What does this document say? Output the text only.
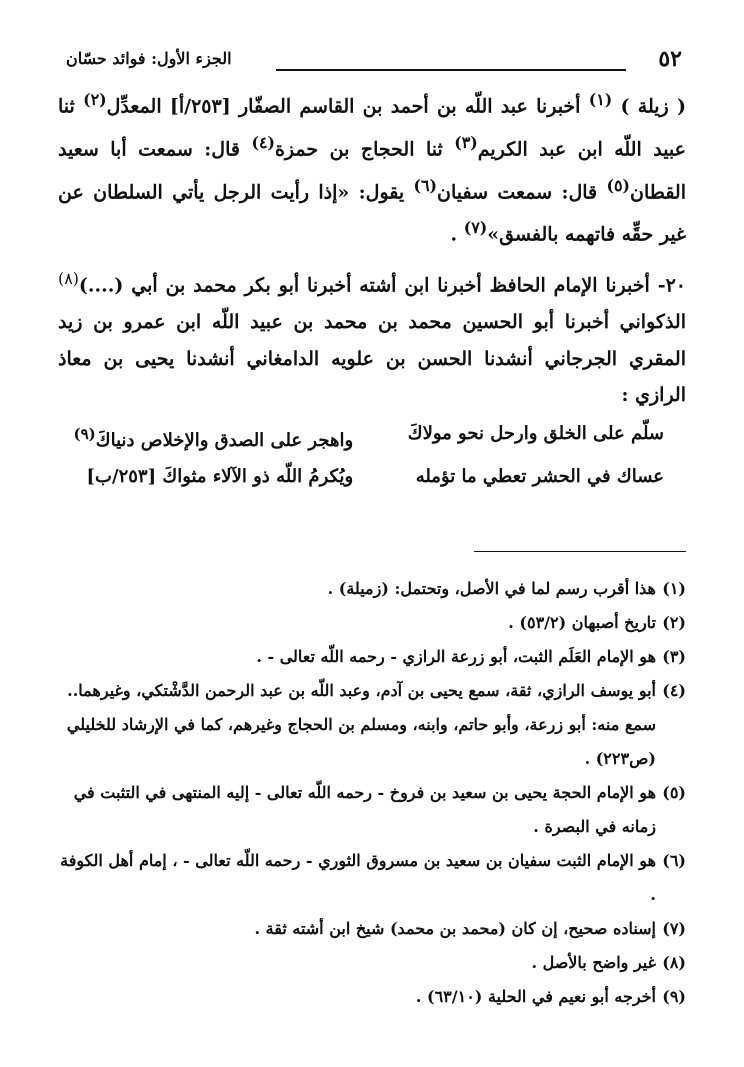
٥٢
الجزء الأول: فوائد حسّان

( زيلة ) $^{(١)}$ أخبرنا عبد اللّه بن أحمد بن القاسم الصفّار [٢٥٣/أ] المعدِّل$^{(٢)}$ ثنا عبيد اللّه ابن عبد الكريم$^{(٣)}$ ثنا الحجاج بن حمزة$^{(٤)}$ قال: سمعت أبا سعيد القطان$^{(٥)}$ قال: سمعت سفيان$^{(٦)}$ يقول: «إذا رأيت الرجل يأتي السلطان عن غير حقِّه فاتهمه بالفسق»$^{(٧)}$ .

٢٠- أخبرنا الإمام الحافظ أخبرنا ابن أشته أخبرنا أبو بكر محمد بن أبي (....)$^{(٨)}$ الذكواني أخبرنا أبو الحسين محمد بن محمد بن عبيد اللّه ابن عمرو بن زيد المقري الجرجاني أنشدنا الحسن بن علويه الدامغاني أنشدنا يحيى بن معاذ الرازي :

سلّم على الخلق وارحل نحو مولاكَ
واهجر على الصدق والإخلاص دنياكَ$^{(٩)}$
عساك في الحشر تعطي ما تؤمله
ويُكرمُ اللّه ذو الآلاء مثواكَ [٢٥٣/ب]
(١)
هذا أقرب رسم لما في الأصل، وتحتمل: (زميلة) .
(٢)
تاريخ أصبهان (٥٣/٢) .
(٣)
هو الإمام العَلَم الثبت، أبو زرعة الرازي - رحمه اللّه تعالى - .
(٤)
أبو يوسف الرازي، ثقة، سمع يحيى بن آدم، وعبد اللّه بن عبد الرحمن الدَّشْتكي، وغيرهما.. سمع منه: أبو زرعة، وأبو حاتم، وابنه، ومسلم بن الحجاج وغيرهم، كما في الإرشاد للخليلي (ص٢٢٣) .
(٥)
هو الإمام الحجة يحيى بن سعيد بن فروخ - رحمه اللّه تعالى - إليه المنتهى في التثبت في زمانه في البصرة .
(٦)
هو الإمام الثبت سفيان بن سعيد بن مسروق الثوري - رحمه اللّه تعالى - ، إمام أهل الكوفة .
(٧)
إسناده صحيح، إن كان (محمد بن محمد) شيخ ابن أشته ثقة .
(٨)
غير واضح بالأصل .
(٩)
أخرجه أبو نعيم في الحلية (٦٣/١٠) .
